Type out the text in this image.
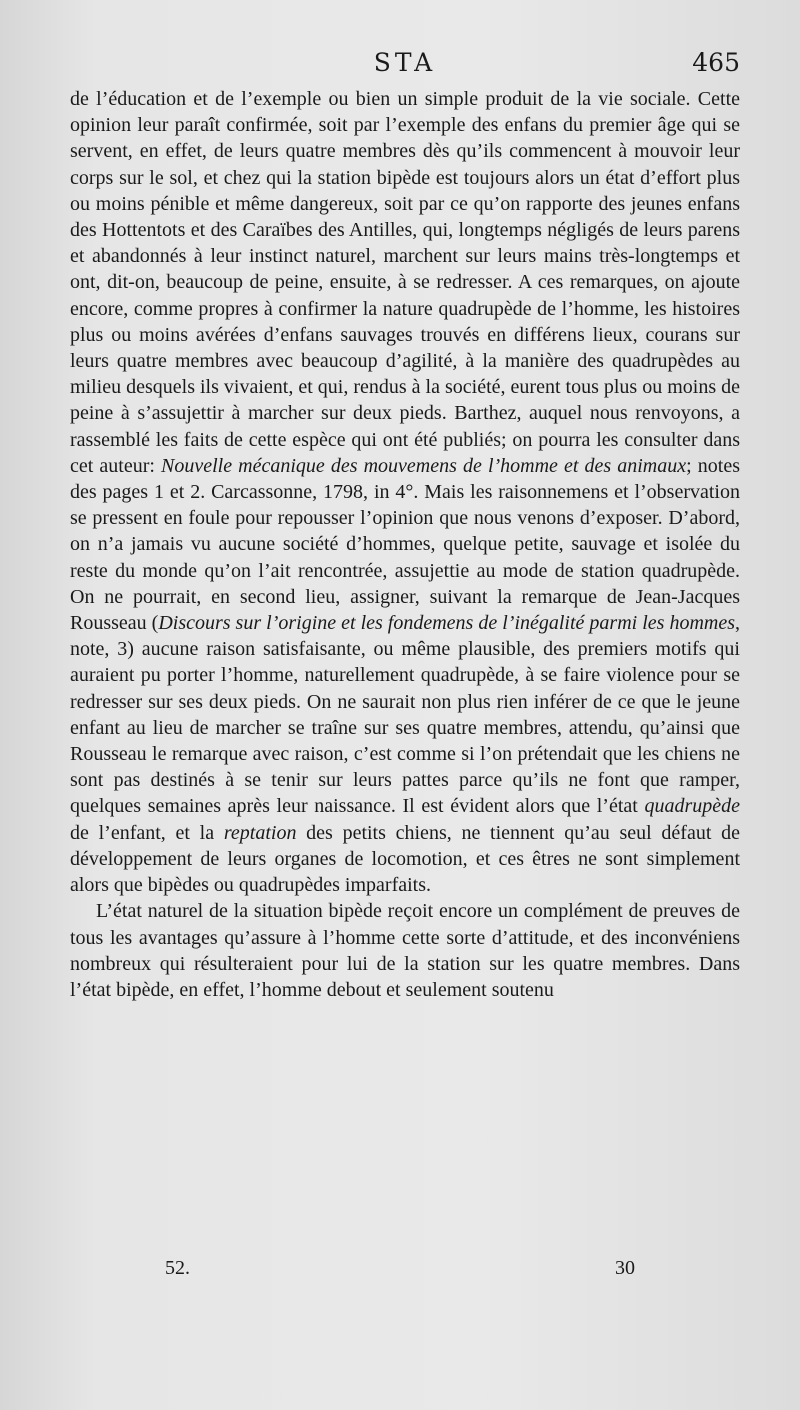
STA	465

de l’éducation et de l’exemple ou bien un simple produit de la vie sociale. Cette opinion leur paraît confirmée, soit par l’exemple des enfans du premier âge qui se servent, en effet, de leurs quatre membres dès qu’ils commencent à mouvoir leur corps sur le sol, et chez qui la station bipède est toujours alors un état d’effort plus ou moins pénible et même dangereux, soit par ce qu’on rapporte des jeunes enfans des Hottentots et des Caraïbes des Antilles, qui, longtemps négligés de leurs parens et abandonnés à leur instinct naturel, marchent sur leurs mains très-longtemps et ont, dit-on, beaucoup de peine, ensuite, à se redresser. A ces remarques, on ajoute encore, comme propres à confirmer la nature quadrupède de l’homme, les histoires plus ou moins avérées d’enfans sauvages trouvés en différens lieux, courans sur leurs quatre membres avec beaucoup d’agilité, à la manière des quadrupèdes au milieu desquels ils vivaient, et qui, rendus à la société, eurent tous plus ou moins de peine à s’assujettir à marcher sur deux pieds. Barthez, auquel nous renvoyons, a rassemblé les faits de cette espèce qui ont été publiés; on pourra les consulter dans cet auteur: Nouvelle mécanique des mouvemens de l’homme et des animaux; notes des pages 1 et 2. Carcassonne, 1798, in 4°. Mais les raisonnemens et l’observation se pressent en foule pour repousser l’opinion que nous venons d’exposer. D’abord, on n’a jamais vu aucune société d’hommes, quelque petite, sauvage et isolée du reste du monde qu’on l’ait rencontrée, assujettie au mode de station quadrupède. On ne pourrait, en second lieu, assigner, suivant la remarque de Jean-Jacques Rousseau (Discours sur l’origine et les fondemens de l’inégalité parmi les hommes, note, 3) aucune raison satisfaisante, ou même plausible, des premiers motifs qui auraient pu porter l’homme, naturellement quadrupède, à se faire violence pour se redresser sur ses deux pieds. On ne saurait non plus rien inférer de ce que le jeune enfant au lieu de marcher se traîne sur ses quatre membres, attendu, qu’ainsi que Rousseau le remarque avec raison, c’est comme si l’on prétendait que les chiens ne sont pas destinés à se tenir sur leurs pattes parce qu’ils ne font que ramper, quelques semaines après leur naissance. Il est évident alors que l’état quadrupède de l’enfant, et la reptation des petits chiens, ne tiennent qu’au seul défaut de développement de leurs organes de locomotion, et ces êtres ne sont simplement alors que bipèdes ou quadrupèdes imparfaits.

L’état naturel de la situation bipède reçoit encore un complément de preuves de tous les avantages qu’assure à l’homme cette sorte d’attitude, et des inconvéniens nombreux qui résulteraient pour lui de la station sur les quatre membres. Dans l’état bipède, en effet, l’homme debout et seulement soutenu

52.	30
